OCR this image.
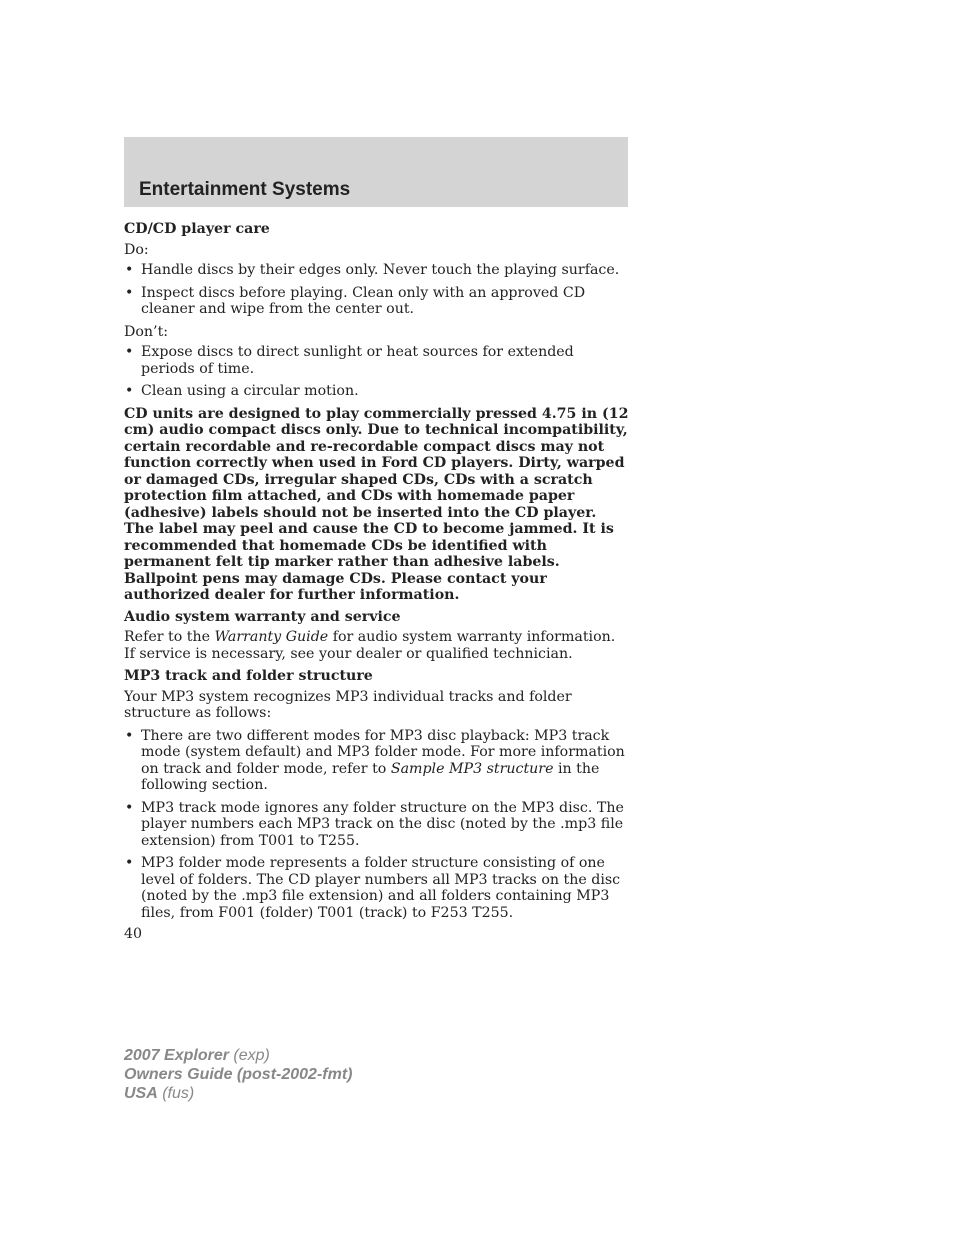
Entertainment Systems

CD/CD player care

Do:

• Handle discs by their edges only. Never touch the playing surface.
• Inspect discs before playing. Clean only with an approved CD cleaner and wipe from the center out.

Don’t:

• Expose discs to direct sunlight or heat sources for extended periods of time.
• Clean using a circular motion.

CD units are designed to play commercially pressed 4.75 in (12 cm) audio compact discs only. Due to technical incompatibility, certain recordable and re-recordable compact discs may not function correctly when used in Ford CD players. Dirty, warped or damaged CDs, irregular shaped CDs, CDs with a scratch protection film attached, and CDs with homemade paper (adhesive) labels should not be inserted into the CD player. The label may peel and cause the CD to become jammed. It is recommended that homemade CDs be identified with permanent felt tip marker rather than adhesive labels. Ballpoint pens may damage CDs. Please contact your authorized dealer for further information.

Audio system warranty and service

Refer to the Warranty Guide for audio system warranty information. If service is necessary, see your dealer or qualified technician.

MP3 track and folder structure

Your MP3 system recognizes MP3 individual tracks and folder structure as follows:

• There are two different modes for MP3 disc playback: MP3 track mode (system default) and MP3 folder mode. For more information on track and folder mode, refer to Sample MP3 structure in the following section.
• MP3 track mode ignores any folder structure on the MP3 disc. The player numbers each MP3 track on the disc (noted by the .mp3 file extension) from T001 to T255.
• MP3 folder mode represents a folder structure consisting of one level of folders. The CD player numbers all MP3 tracks on the disc (noted by the .mp3 file extension) and all folders containing MP3 files, from F001 (folder) T001 (track) to F253 T255.
40
2007 Explorer (exp)
Owners Guide (post-2002-fmt)
USA (fus)
